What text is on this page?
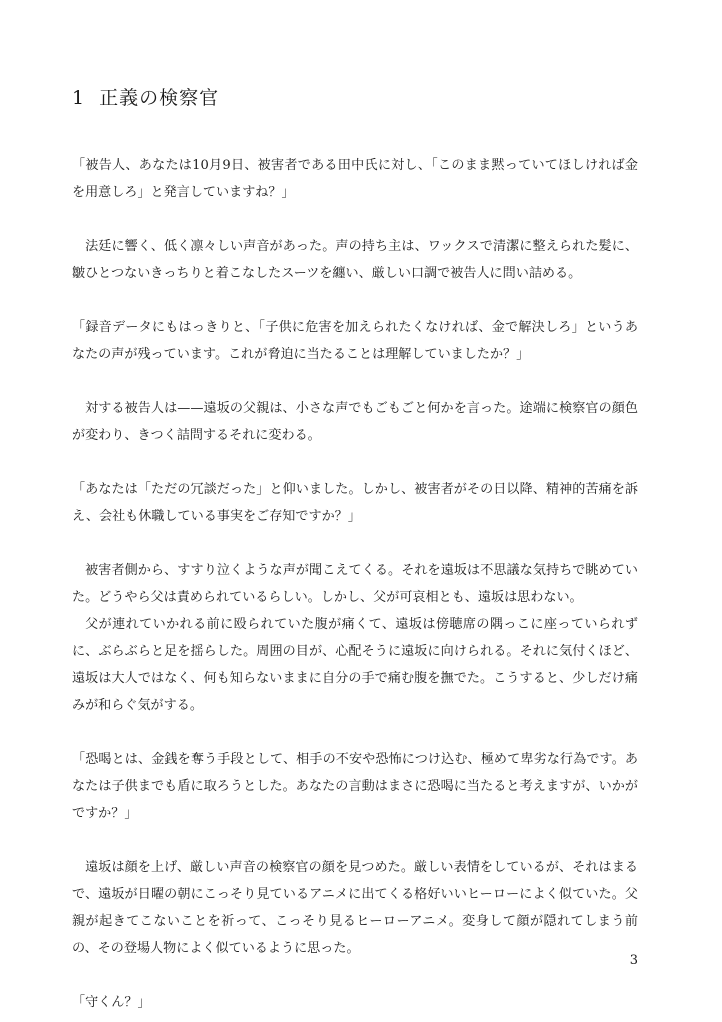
1 正義の検察官

「被告人、あなたは10月9日、被害者である田中氏に対し、「このまま黙っていてほしければ金を用意しろ」と発言していますね？」

法廷に響く、低く凛々しい声音があった。声の持ち主は、ワックスで清潔に整えられた髪に、皺ひとつないきっちりと着こなしたスーツを纏い、厳しい口調で被告人に問い詰める。

「録音データにもはっきりと、「子供に危害を加えられたくなければ、金で解決しろ」というあなたの声が残っています。これが脅迫に当たることは理解していましたか？」

対する被告人は——遠坂の父親は、小さな声でもごもごと何かを言った。途端に検察官の顔色が変わり、きつく詰問するそれに変わる。

「あなたは「ただの冗談だった」と仰いました。しかし、被害者がその日以降、精神的苦痛を訴え、会社も休職している事実をご存知ですか？」

被害者側から、すすり泣くような声が聞こえてくる。それを遠坂は不思議な気持ちで眺めていた。どうやら父は責められているらしい。しかし、父が可哀相とも、遠坂は思わない。

父が連れていかれる前に殴られていた腹が痛くて、遠坂は傍聴席の隅っこに座っていられずに、ぶらぶらと足を揺らした。周囲の目が、心配そうに遠坂に向けられる。それに気付くほど、遠坂は大人ではなく、何も知らないままに自分の手で痛む腹を撫でた。こうすると、少しだけ痛みが和らぐ気がする。

「恐喝とは、金銭を奪う手段として、相手の不安や恐怖につけ込む、極めて卑劣な行為です。あなたは子供までも盾に取ろうとした。あなたの言動はまさに恐喝に当たると考えますが、いかがですか？」

遠坂は顔を上げ、厳しい声音の検察官の顔を見つめた。厳しい表情をしているが、それはまるで、遠坂が日曜の朝にこっそり見ているアニメに出てくる格好いいヒーローによく似ていた。父親が起きてこないことを祈って、こっそり見るヒーローアニメ。変身して顔が隠れてしまう前の、その登場人物によく似ているように思った。

「守くん？」

3
